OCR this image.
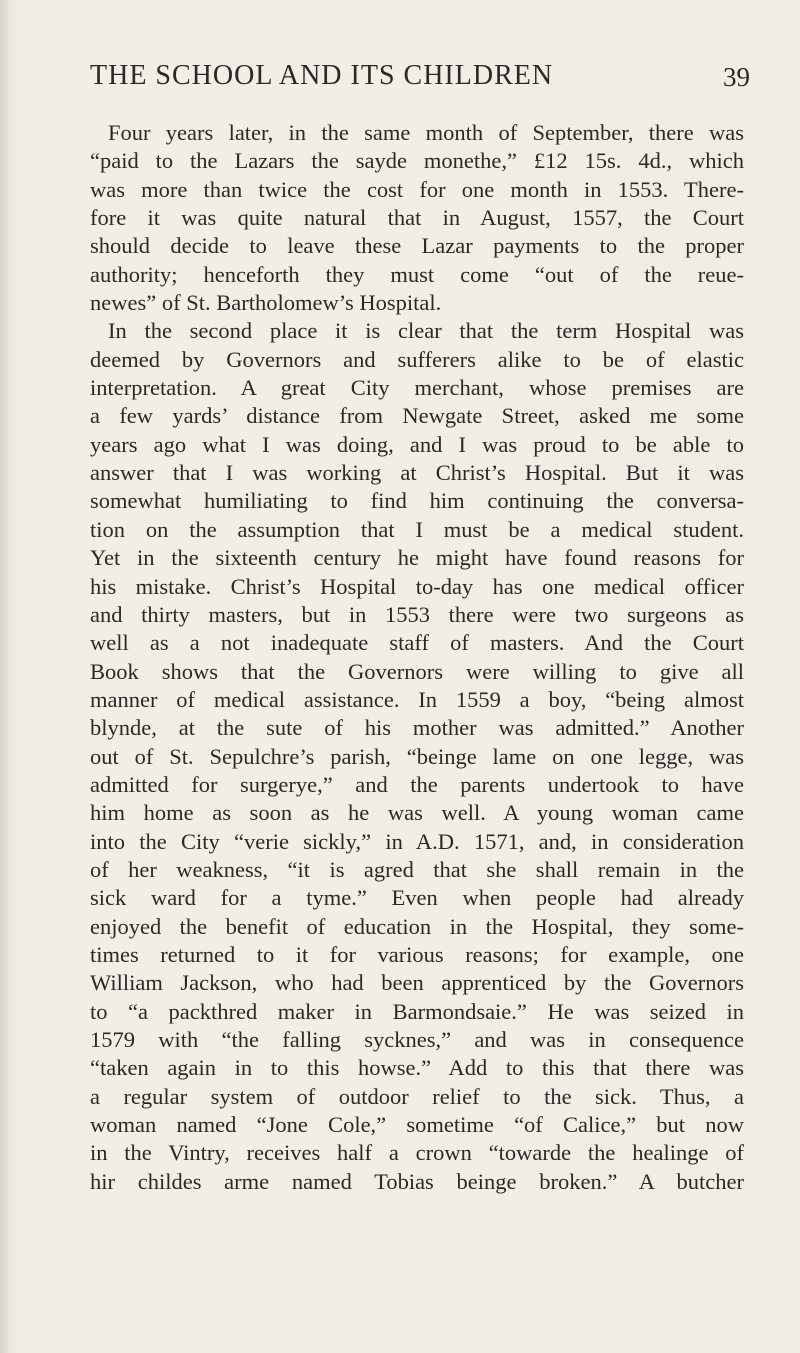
THE SCHOOL AND ITS CHILDREN	39
Four years later, in the same month of September, there was
“paid to the Lazars the sayde monethe,” £12 15s. 4d., which
was more than twice the cost for one month in 1553. There-
fore it was quite natural that in August, 1557, the Court
should decide to leave these Lazar payments to the proper
authority; henceforth they must come “out of the reue-
newes” of St. Bartholomew’s Hospital.
In the second place it is clear that the term Hospital was
deemed by Governors and sufferers alike to be of elastic
interpretation. A great City merchant, whose premises are
a few yards’ distance from Newgate Street, asked me some
years ago what I was doing, and I was proud to be able to
answer that I was working at Christ’s Hospital. But it was
somewhat humiliating to find him continuing the conversa-
tion on the assumption that I must be a medical student.
Yet in the sixteenth century he might have found reasons for
his mistake. Christ’s Hospital to-day has one medical officer
and thirty masters, but in 1553 there were two surgeons as
well as a not inadequate staff of masters. And the Court
Book shows that the Governors were willing to give all
manner of medical assistance. In 1559 a boy, “being almost
blynde, at the sute of his mother was admitted.” Another
out of St. Sepulchre’s parish, “beinge lame on one legge, was
admitted for surgerye,” and the parents undertook to have
him home as soon as he was well. A young woman came
into the City “verie sickly,” in A.D. 1571, and, in consideration
of her weakness, “it is agred that she shall remain in the
sick ward for a tyme.” Even when people had already
enjoyed the benefit of education in the Hospital, they some-
times returned to it for various reasons; for example, one
William Jackson, who had been apprenticed by the Governors
to “a packthred maker in Barmondsaie.” He was seized in
1579 with “the falling sycknes,” and was in consequence
“taken again in to this howse.” Add to this that there was
a regular system of outdoor relief to the sick. Thus, a
woman named “Jone Cole,” sometime “of Calice,” but now
in the Vintry, receives half a crown “towarde the healinge of
hir childes arme named Tobias beinge broken.” A butcher
